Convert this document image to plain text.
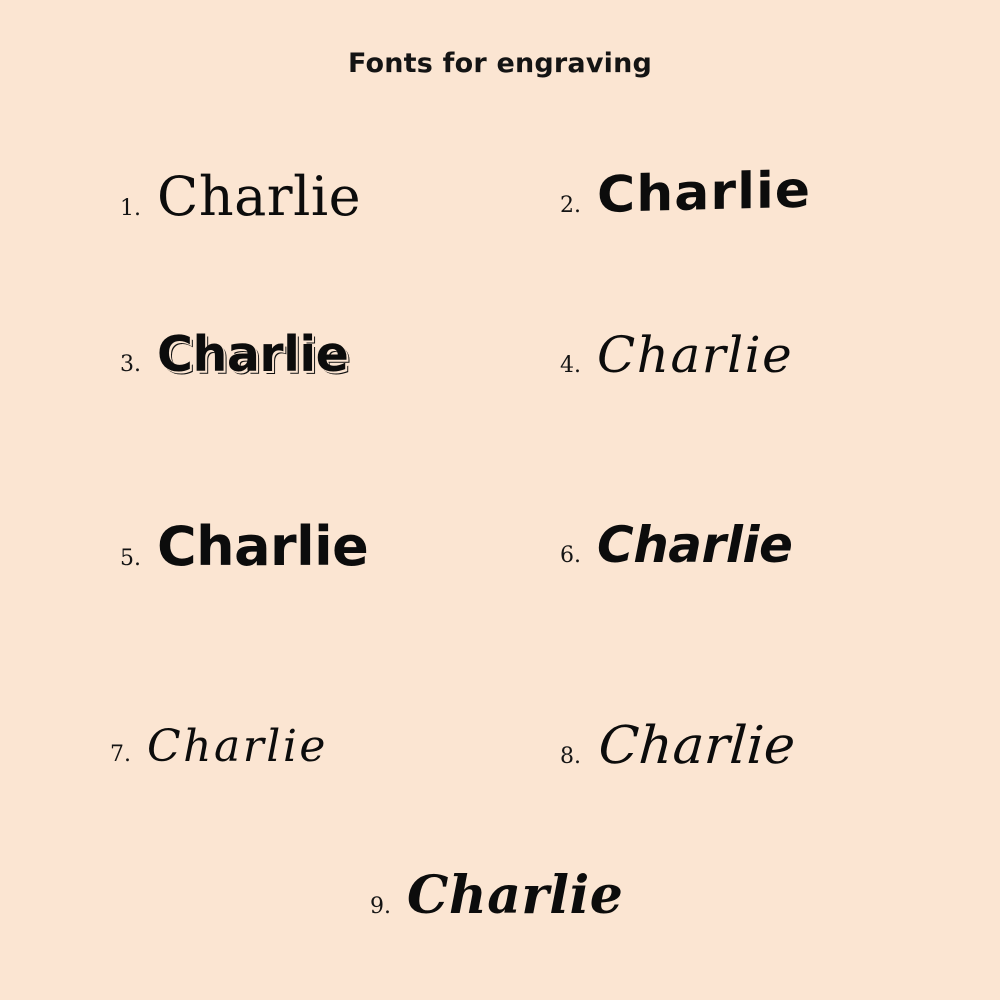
Fonts for engraving
1. Charlie	2. Charlie
3. Charlie	4. Charlie
5. Charlie	6. Charlie
7. Charlie	8. Charlie
9. Charlie
